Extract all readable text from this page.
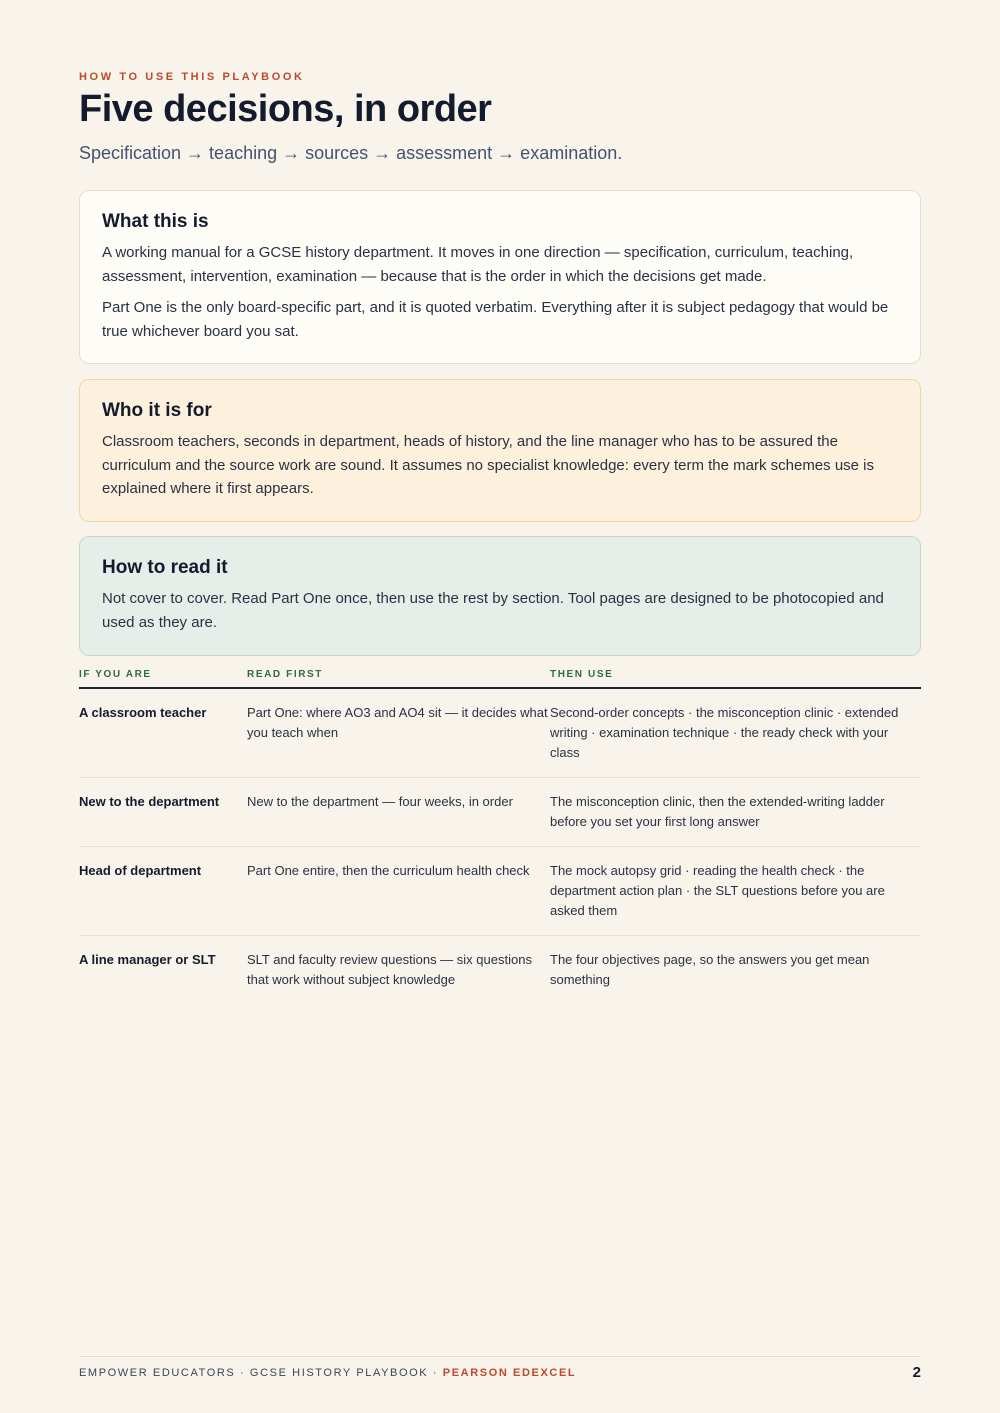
HOW TO USE THIS PLAYBOOK
Five decisions, in order

Specification → teaching → sources → assessment → examination.

What this is

A working manual for a GCSE history department. It moves in one direction — specification, curriculum, teaching, assessment, intervention, examination — because that is the order in which the decisions get made.

Part One is the only board-specific part, and it is quoted verbatim. Everything after it is subject pedagogy that would be true whichever board you sat.

Who it is for

Classroom teachers, seconds in department, heads of history, and the line manager who has to be assured the curriculum and the source work are sound. It assumes no specialist knowledge: every term the mark schemes use is explained where it first appears.

How to read it

Not cover to cover. Read Part One once, then use the rest by section. Tool pages are designed to be photocopied and used as they are.

IF YOU ARE	READ FIRST	THEN USE
A classroom teacher	Part One: where AO3 and AO4 sit — it decides what you teach when	Second-order concepts · the misconception clinic · extended writing · examination technique · the ready check with your class
New to the department	New to the department — four weeks, in order	The misconception clinic, then the extended-writing ladder before you set your first long answer
Head of department	Part One entire, then the curriculum health check	The mock autopsy grid · reading the health check · the department action plan · the SLT questions before you are asked them
A line manager or SLT	SLT and faculty review questions — six questions that work without subject knowledge	The four objectives page, so the answers you get mean something
EMPOWER EDUCATORS · GCSE HISTORY PLAYBOOK · PEARSON EDEXCEL	2
